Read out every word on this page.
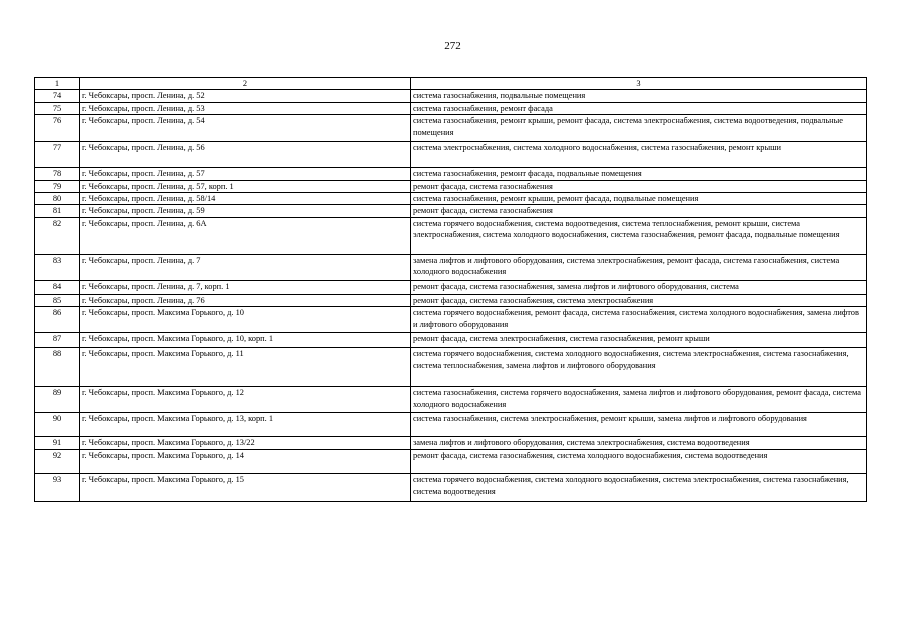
272
1	2	3
74	г. Чебоксары, просп. Ленина, д. 52	система газоснабжения, подвальные помещения
75	г. Чебоксары, просп. Ленина, д. 53	система газоснабжения, ремонт фасада
76	г. Чебоксары, просп. Ленина, д. 54	система газоснабжения, ремонт крыши, ремонт фасада, система электроснабжения, система водоотведения, подвальные помещения
77	г. Чебоксары, просп. Ленина, д. 56	система электроснабжения, система холодного водоснабжения, система газоснабжения, ремонт крыши
78	г. Чебоксары, просп. Ленина, д. 57	система газоснабжения, ремонт фасада, подвальные помещения
79	г. Чебоксары, просп. Ленина, д. 57, корп. 1	ремонт фасада, система газоснабжения
80	г. Чебоксары, просп. Ленина, д. 58/14	система газоснабжения, ремонт крыши, ремонт фасада, подвальные помещения
81	г. Чебоксары, просп. Ленина, д. 59	ремонт фасада, система газоснабжения
82	г. Чебоксары, просп. Ленина, д. 6А	система горячего водоснабжения, система водоотведения, система теплоснабжения, ремонт крыши, система электроснабжения, система холодного водоснабжения, система газоснабжения, ремонт фасада, подвальные помещения
83	г. Чебоксары, просп. Ленина, д. 7	замена лифтов и лифтового оборудования, система электроснабжения, ремонт фасада, система газоснабжения, система холодного водоснабжения
84	г. Чебоксары, просп. Ленина, д. 7, корп. 1	ремонт фасада, система газоснабжения, замена лифтов и лифтового оборудования, система
85	г. Чебоксары, просп. Ленина, д. 76	ремонт фасада, система газоснабжения, система электроснабжения
86	г. Чебоксары, просп. Максима Горького, д. 10	система горячего водоснабжения, ремонт фасада, система газоснабжения, система холодного водоснабжения, замена лифтов и лифтового оборудования
87	г. Чебоксары, просп. Максима Горького, д. 10, корп. 1	ремонт фасада, система электроснабжения, система газоснабжения, ремонт крыши
88	г. Чебоксары, просп. Максима Горького, д. 11	система горячего водоснабжения, система холодного водоснабжения, система электроснабжения, система газоснабжения, система теплоснабжения, замена лифтов и лифтового оборудования
89	г. Чебоксары, просп. Максима Горького, д. 12	система газоснабжения, система горячего водоснабжения, замена лифтов и лифтового оборудования, ремонт фасада, система холодного водоснабжения
90	г. Чебоксары, просп. Максима Горького, д. 13, корп. 1	система газоснабжения, система электроснабжения, ремонт крыши, замена лифтов и лифтового оборудования
91	г. Чебоксары, просп. Максима Горького, д. 13/22	замена лифтов и лифтового оборудования, система электроснабжения, система водоотведения
92	г. Чебоксары, просп. Максима Горького, д. 14	ремонт фасада, система газоснабжения, система холодного водоснабжения, система водоотведения
93	г. Чебоксары, просп. Максима Горького, д. 15	система горячего водоснабжения, система холодного водоснабжения, система электроснабжения, система газоснабжения, система водоотведения
